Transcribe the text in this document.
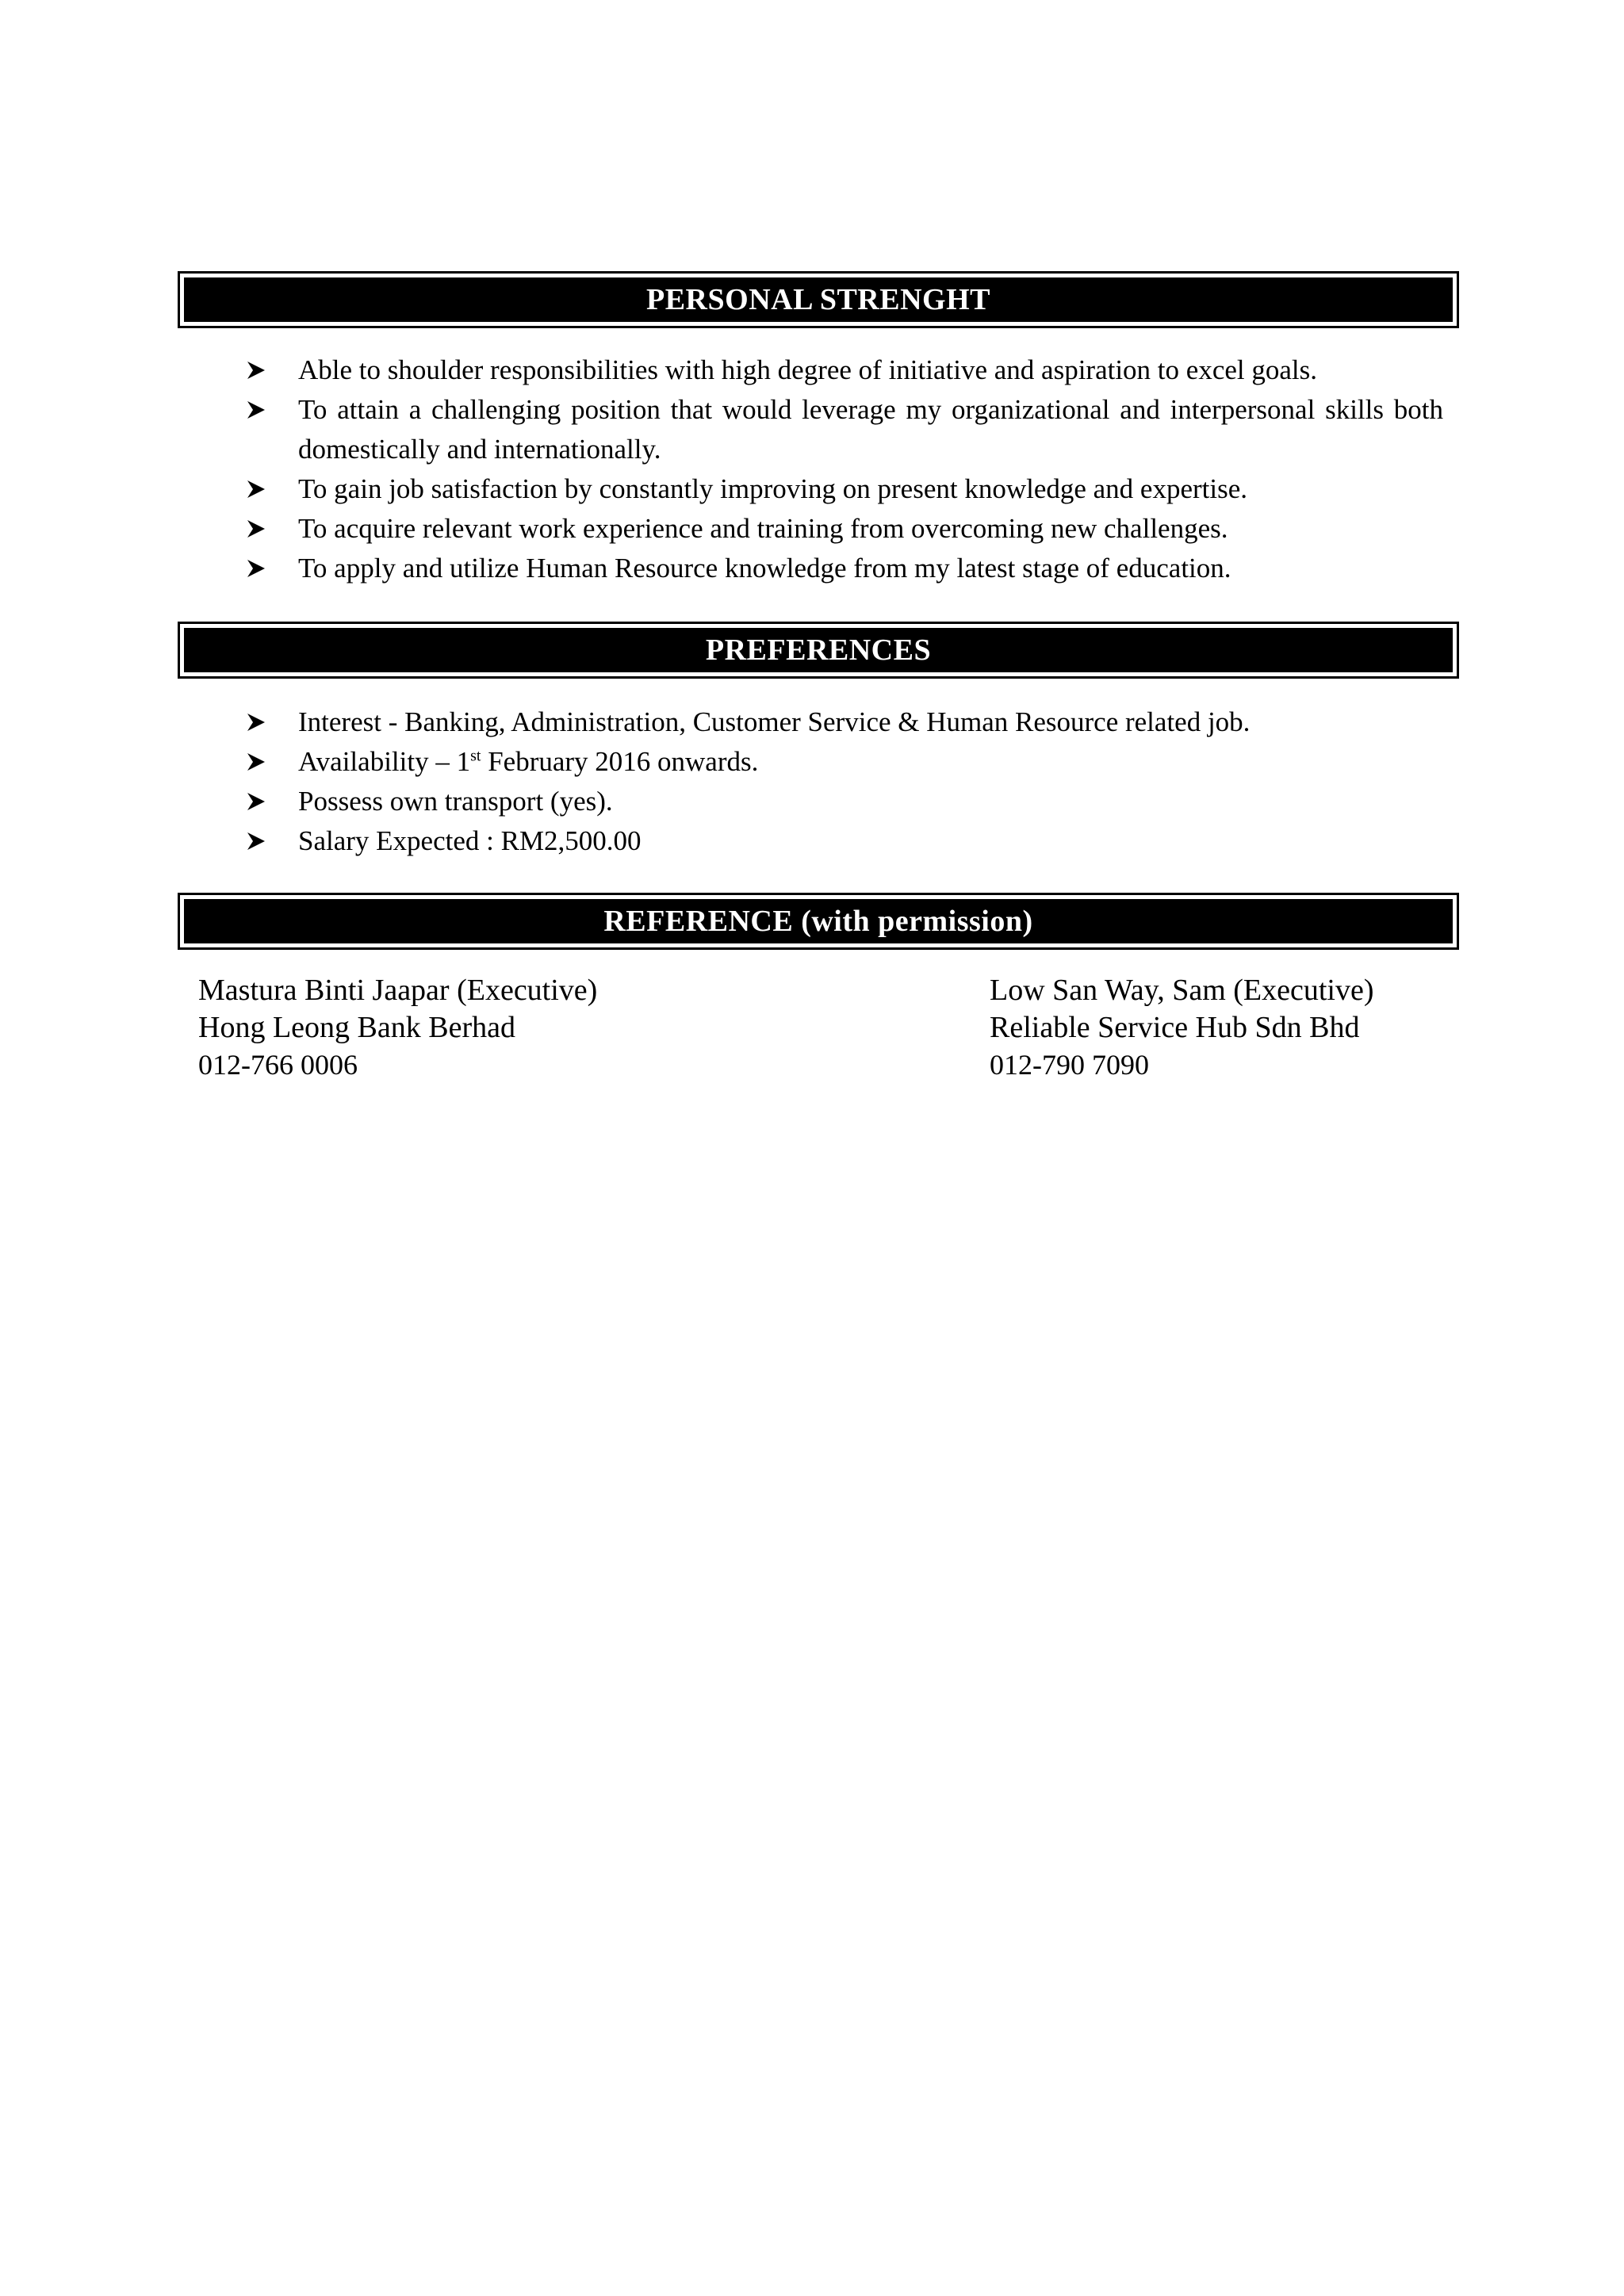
PERSONAL STRENGHT
Able to shoulder responsibilities with high degree of initiative and aspiration to excel goals.
To attain a challenging position that would leverage my organizational and interpersonal skills both domestically and internationally.
To gain job satisfaction by constantly improving on present knowledge and expertise.
To acquire relevant work experience and training from overcoming new challenges.
To apply and utilize Human Resource knowledge from my latest stage of education.
PREFERENCES
Interest - Banking, Administration, Customer Service & Human Resource related job.
Availability – 1st February 2016 onwards.
Possess own transport (yes).
Salary Expected : RM2,500.00
REFERENCE (with permission)
Mastura Binti Jaapar (Executive)
Hong Leong Bank Berhad
012-766 0006
Low San Way, Sam (Executive)
Reliable Service Hub Sdn Bhd
012-790 7090
